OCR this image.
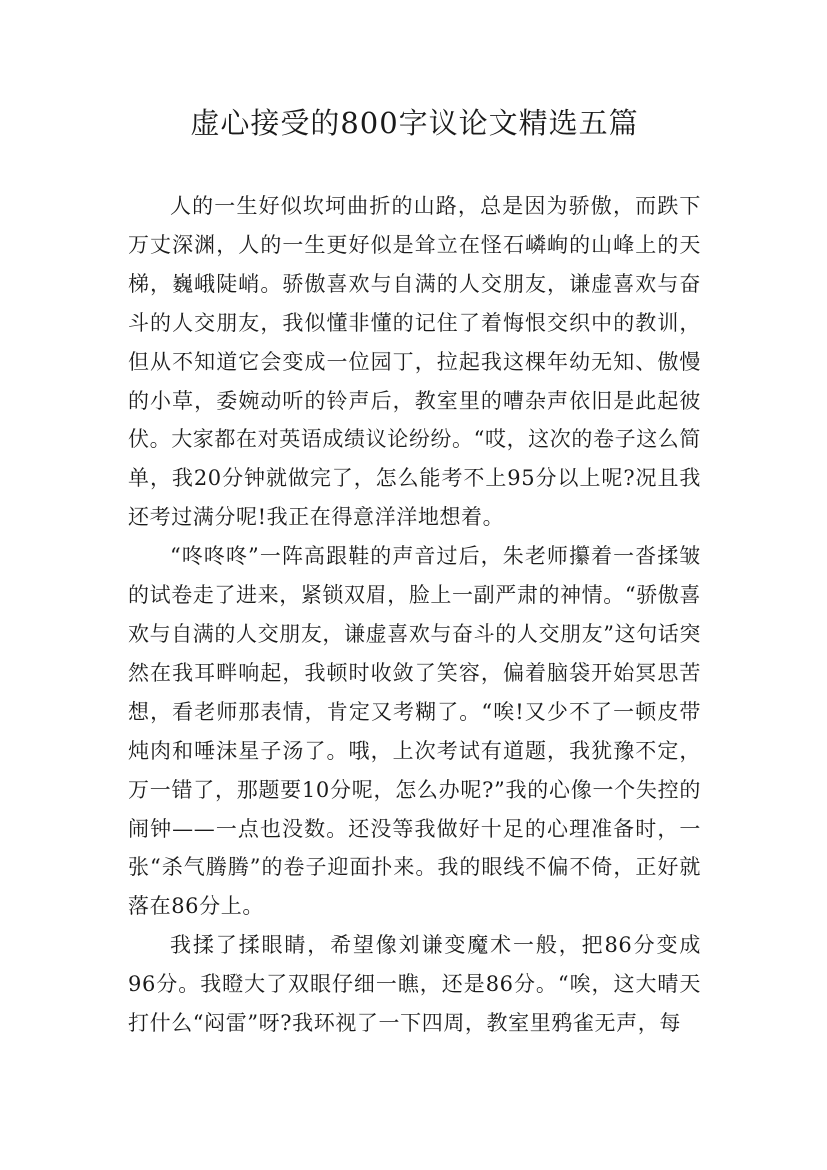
虚心接受的800字议论文精选五篇

人的一生好似坎坷曲折的山路，总是因为骄傲，而跌下万丈深渊，人的一生更好似是耸立在怪石嶙峋的山峰上的天梯，巍峨陡峭。骄傲喜欢与自满的人交朋友，谦虚喜欢与奋斗的人交朋友，我似懂非懂的记住了着悔恨交织中的教训，但从不知道它会变成一位园丁，拉起我这棵年幼无知、傲慢的小草，委婉动听的铃声后，教室里的嘈杂声依旧是此起彼伏。大家都在对英语成绩议论纷纷。“哎，这次的卷子这么简单，我20分钟就做完了，怎么能考不上95分以上呢?况且我还考过满分呢!我正在得意洋洋地想着。

“咚咚咚”一阵高跟鞋的声音过后，朱老师攥着一沓揉皱的试卷走了进来，紧锁双眉，脸上一副严肃的神情。“骄傲喜欢与自满的人交朋友，谦虚喜欢与奋斗的人交朋友”这句话突然在我耳畔响起，我顿时收敛了笑容，偏着脑袋开始冥思苦想，看老师那表情，肯定又考糊了。“唉!又少不了一顿皮带炖肉和唾沫星子汤了。哦，上次考试有道题，我犹豫不定，万一错了，那题要10分呢，怎么办呢?”我的心像一个失控的闹钟——一点也没数。还没等我做好十足的心理准备时，一张“杀气腾腾”的卷子迎面扑来。我的眼线不偏不倚，正好就落在86分上。

我揉了揉眼睛，希望像刘谦变魔术一般，把86分变成96分。我瞪大了双眼仔细一瞧，还是86分。“唉，这大晴天打什么“闷雷”呀?我环视了一下四周，教室里鸦雀无声，每
